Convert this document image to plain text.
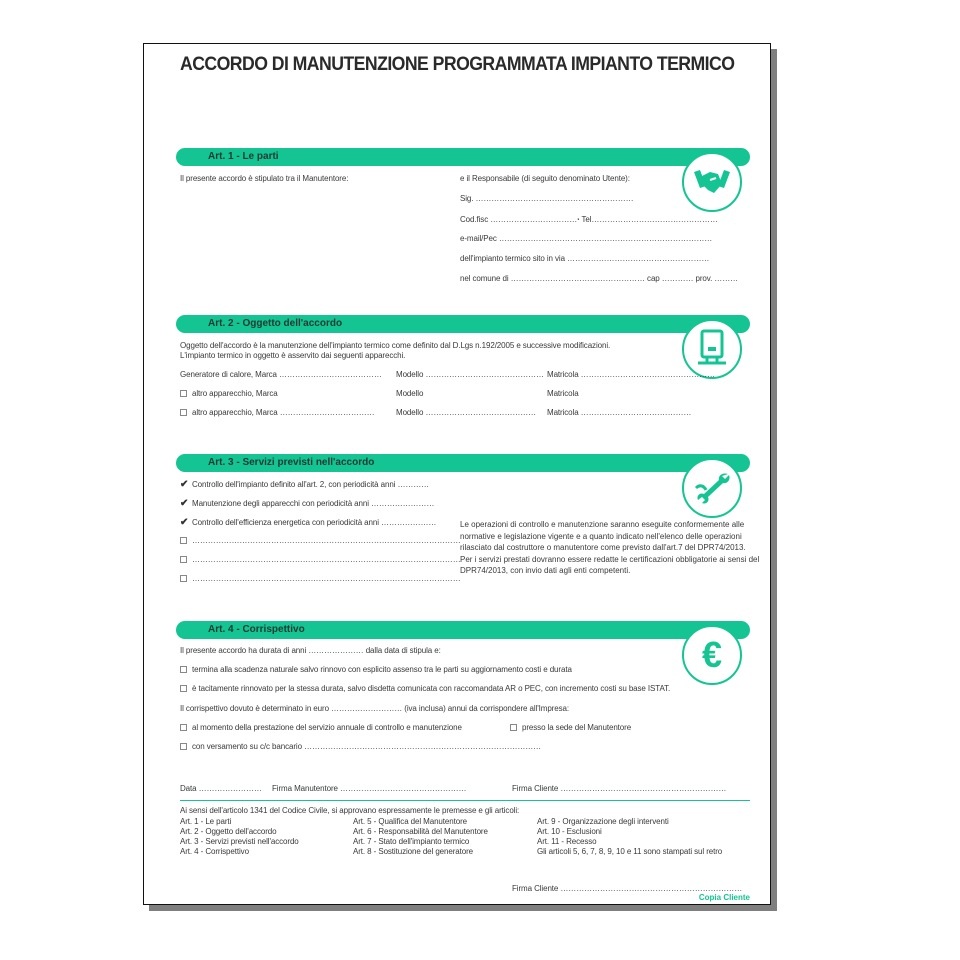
ACCORDO DI MANUTENZIONE PROGRAMMATA IMPIANTO TERMICO
Art. 1 - Le parti
Il presente accordo è stipulato tra il Manutentore:	e il Responsabile (di seguito denominato Utente):
Sig. ……………………………………………………
Cod.fisc ……………………………ꞏ Tel…………………………………………
e-mail/Pec ………………………………………………………………………
dell'impianto termico sito in via ………………………………………………
nel comune di …………………………………………… cap ………… prov. ………
Art. 2 - Oggetto dell'accordo
Oggetto dell'accordo è la manutenzione dell'impianto termico come definito dal D.Lgs n.192/2005 e successive modificazioni.
L'impianto termico in oggetto è asservito dai seguenti apparecchi.
Generatore di calore, Marca ………………………………… Modello ……………………………………… Matricola ……………………………………………
altro apparecchio, Marca	Modello	Matricola
altro apparecchio, Marca ………………………………	Modello …………………………………… Matricola ……………………………………
Art. 3 - Servizi previsti nell'accordo
✔ Controllo dell'impianto definito all'art. 2, con periodicità anni …………
✔ Manutenzione degli apparecchi con periodicità anni ……………………
✔ Controllo dell'efficienza energetica con periodicità anni …………………
…………………………………………………………………………………………
…………………………………………………………………………………………
…………………………………………………………………………………………
Le operazioni di controllo e manutenzione saranno eseguite conformemente alle normative e legislazione vigente e a quanto indicato nell'elenco delle operazioni rilasciato dal costruttore o manutentore come previsto dall'art.7 del DPR74/2013.
Per i servizi prestati dovranno essere redatte le certificazioni obbligatorie ai sensi del DPR74/2013, con invio dati agli enti competenti.
Art. 4 - Corrispettivo
€
Il presente accordo ha durata di anni ………………… dalla data di stipula e:
termina alla scadenza naturale salvo rinnovo con esplicito assenso tra le parti su aggiornamento costi e durata
è tacitamente rinnovato per la stessa durata, salvo disdetta comunicata con raccomandata AR o PEC, con incremento costi su base ISTAT.
Il corrispettivo dovuto è determinato in euro ……………………… (iva inclusa) annui da corrispondere all'Impresa:
al momento della prestazione del servizio annuale di controllo e manutenzione	presso la sede del Manutentore
con versamento su c/c bancario ………………………………………………………………………………
Data …………………… Firma Manutentore …………………………………………	Firma Cliente ………………………………………………………
Ai sensi dell'articolo 1341 del Codice Civile, si approvano espressamente le premesse e gli articoli:
Art. 1 - Le parti
Art. 2 - Oggetto dell'accordo
Art. 3 - Servizi previsti nell'accordo
Art. 4 - Corrispettivo
Art. 5 - Qualifica del Manutentore
Art. 6 - Responsabilità del Manutentore
Art. 7 - Stato dell'impianto termico
Art. 8 - Sostituzione del generatore
Art. 9 - Organizzazione degli interventi
Art. 10 - Esclusioni
Art. 11 - Recesso
Gli articoli 5, 6, 7, 8, 9, 10 e 11 sono stampati sul retro
Firma Cliente ……………………………………………………………
Copia Cliente
